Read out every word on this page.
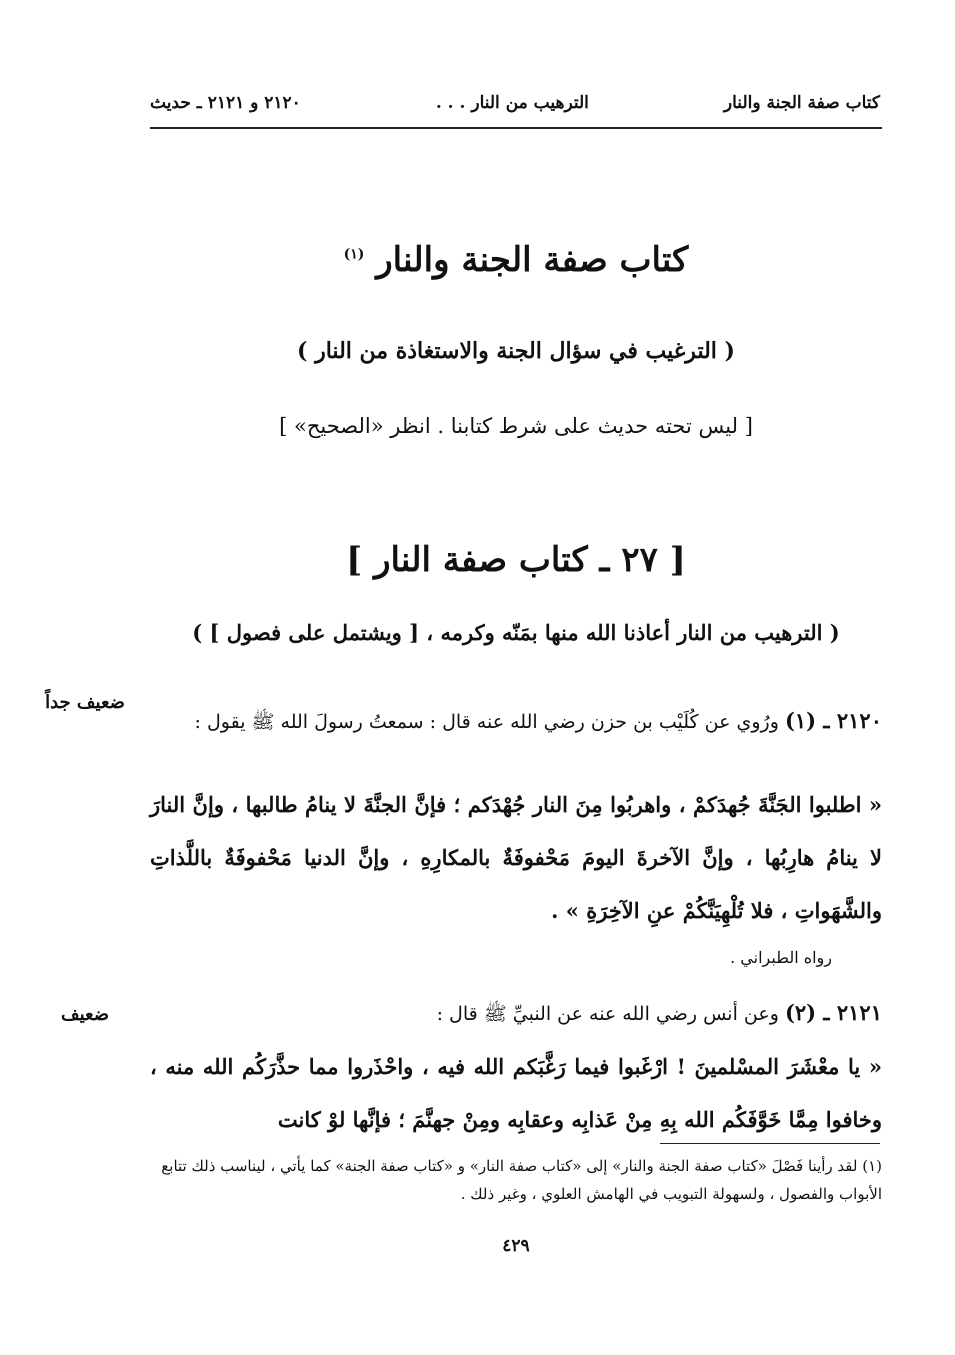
كتاب صفة الجنة والنار
الترهيب من النار . . .
٢١٢٠ و ٢١٢١ ـ حديث
كتاب صفة الجنة والنار $^{(١)}$
( الترغيب في سؤال الجنة والاستغاذة من النار )
[ ليس تحته حديث على شرط كتابنا . انظر «الصحيح» ]
[ ٢٧ ـ كتاب صفة النار ]
( الترهيب من النار أعاذنا الله منها بمَنّه وكرمه ، [ ويشتمل على فصول ] )
ضعيف جداً
٢١٢٠ ـ (١) ورُوي عن كُلَيْب بن حزن رضي الله عنه قال : سمعتُ رسولَ الله ﷺ يقول :
« اطلبوا الجَنَّةَ جُهدَكمْ ، واهربُوا مِنَ النار جُهْدَكم ؛ فإنَّ الجنَّةَ لا ينامُ طالبها ، وإنَّ النارَ لا ينامُ هارِبُها ، وإنَّ الآخرةَ اليومَ مَحْفوفَةٌ بالمكارِهِ ، وإنَّ الدنيا مَحْفوفَةٌ باللَّذاتِ والشَّهَواتِ ، فلا تُلْهِيَنَّكُمْ عنِ الآخِرَةِ » .
رواه الطبراني .
ضعيف	٢١٢١ ـ (٢) وعن أنس رضي الله عنه عن النبيِّ ﷺ قال :
« يا معْشَرَ المسْلمينَ ! ارْغَبوا فيما رَغَّبَكم الله فيه ، واحْذَروا مما حذَّرَكُم الله منه ، وخافوا مِمَّا خَوَّفَكُم الله بِهِ مِنْ عَذابِه وعقابِه ومِنْ جهنَّمَ ؛ فإنَّها لوْ كانت
(١) لقد رأينا فَصْلَ «كتاب صفة الجنة والنار» إلى «كتاب صفة النار» و «كتاب صفة الجنة» كما يأتي ، ليناسب ذلك تتابع الأبواب والفصول ، ولسهولة التبويب في الهامش العلوي ، وغير ذلك .
٤٢٩
